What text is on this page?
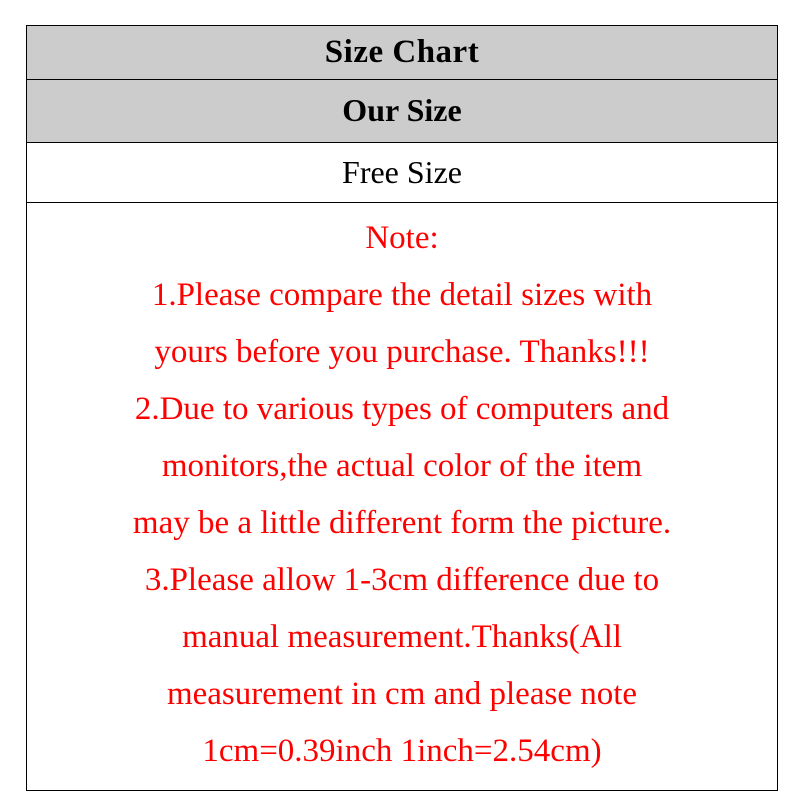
Size Chart
Our Size
Free Size
Note:
1.Please compare the detail sizes with
yours before you purchase. Thanks!!!
2.Due to various types of computers and
monitors,the actual color of the item
may be a little different form the picture.
3.Please allow 1-3cm difference due to
manual measurement.Thanks(All
measurement in cm and please note
1cm=0.39inch 1inch=2.54cm)
